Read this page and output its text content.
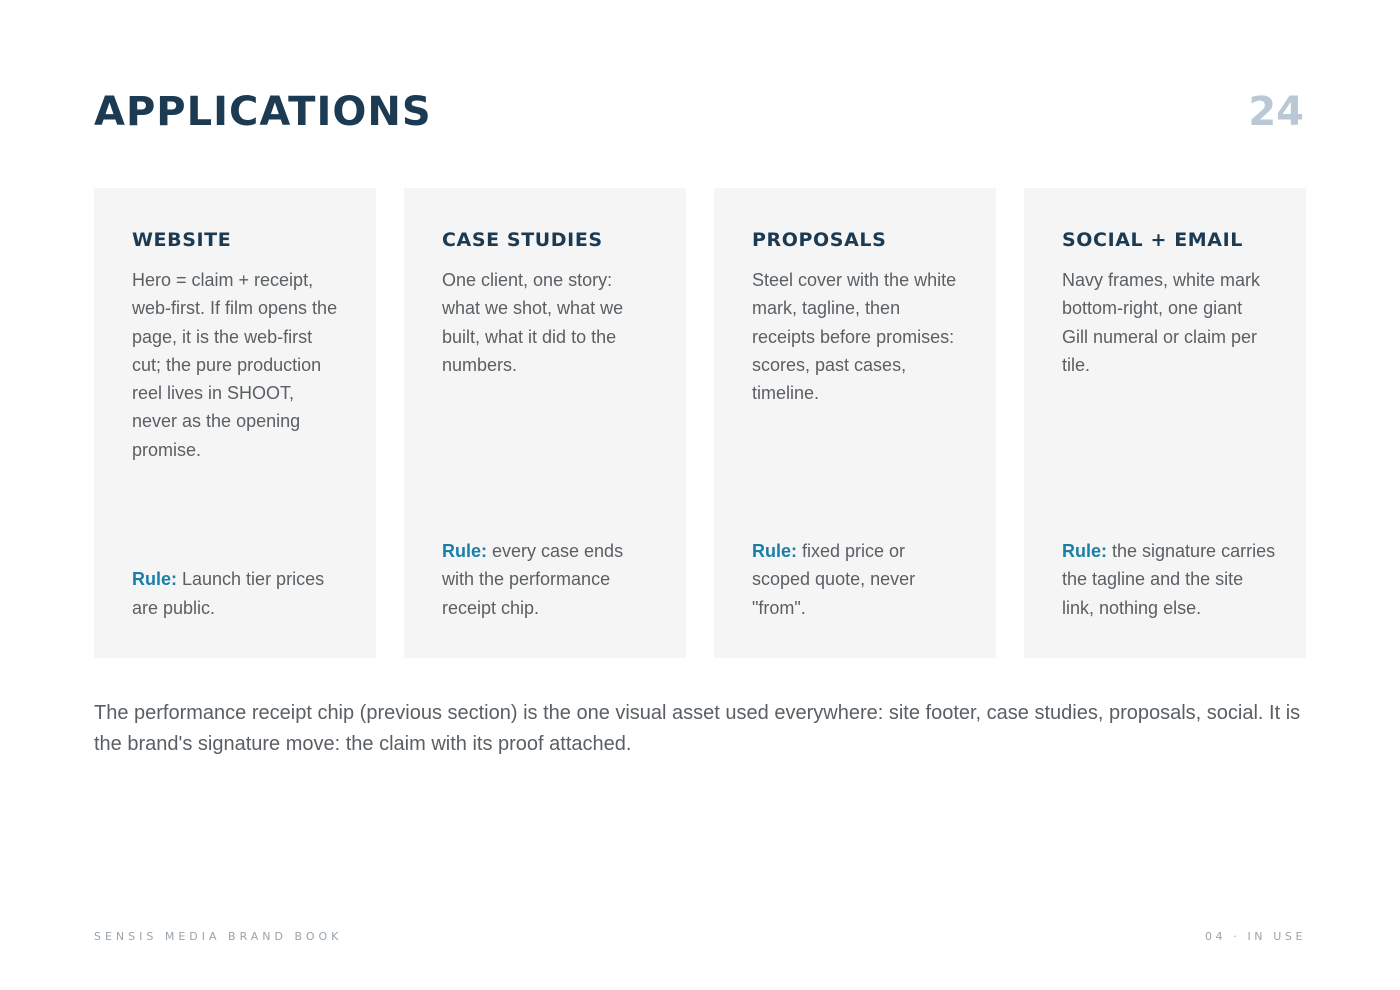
APPLICATIONS	24
WEBSITE
Hero = claim + receipt, web-first. If film opens the page, it is the web-first cut; the pure production reel lives in SHOOT, never as the opening promise.
Rule: Launch tier prices are public.
CASE STUDIES
One client, one story: what we shot, what we built, what it did to the numbers.
Rule: every case ends with the performance receipt chip.
PROPOSALS
Steel cover with the white mark, tagline, then receipts before promises: scores, past cases, timeline.
Rule: fixed price or scoped quote, never "from".
SOCIAL + EMAIL
Navy frames, white mark bottom-right, one giant Gill numeral or claim per tile.
Rule: the signature carries the tagline and the site link, nothing else.

The performance receipt chip (previous section) is the one visual asset used everywhere: site footer, case studies, proposals, social. It is the brand's signature move: the claim with its proof attached.

SENSIS MEDIA BRAND BOOK	04 · IN USE
